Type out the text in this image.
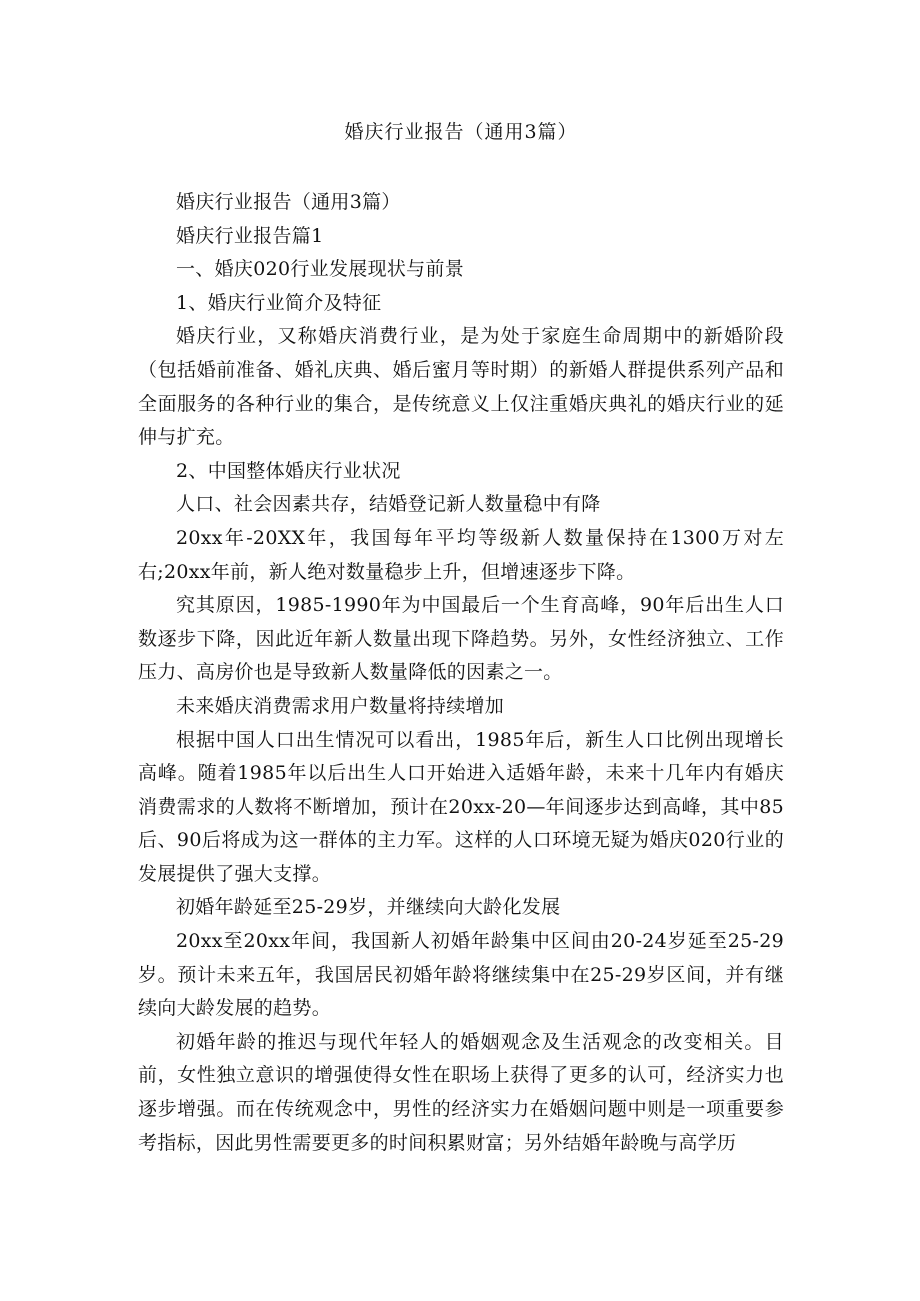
婚庆行业报告（通用3篇）

婚庆行业报告（通用3篇）

婚庆行业报告篇1

一、婚庆020行业发展现状与前景

1、婚庆行业简介及特征

婚庆行业，又称婚庆消费行业，是为处于家庭生命周期中的新婚阶段（包括婚前准备、婚礼庆典、婚后蜜月等时期）的新婚人群提供系列产品和全面服务的各种行业的集合，是传统意义上仅注重婚庆典礼的婚庆行业的延伸与扩充。

2、中国整体婚庆行业状况

人口、社会因素共存，结婚登记新人数量稳中有降

20xx年-20XX年，我国每年平均等级新人数量保持在1300万对左右;20xx年前，新人绝对数量稳步上升，但增速逐步下降。

究其原因，1985-1990年为中国最后一个生育高峰，90年后出生人口数逐步下降，因此近年新人数量出现下降趋势。另外，女性经济独立、工作压力、高房价也是导致新人数量降低的因素之一。

未来婚庆消费需求用户数量将持续增加

根据中国人口出生情况可以看出，1985年后，新生人口比例出现增长高峰。随着1985年以后出生人口开始进入适婚年龄，未来十几年内有婚庆消费需求的人数将不断增加，预计在20xx-20—年间逐步达到高峰，其中85后、90后将成为这一群体的主力军。这样的人口环境无疑为婚庆020行业的发展提供了强大支撑。

初婚年龄延至25-29岁，并继续向大龄化发展

20xx至20xx年间，我国新人初婚年龄集中区间由20-24岁延至25-29岁。预计未来五年，我国居民初婚年龄将继续集中在25-29岁区间，并有继续向大龄发展的趋势。

初婚年龄的推迟与现代年轻人的婚姻观念及生活观念的改变相关。目前，女性独立意识的增强使得女性在职场上获得了更多的认可，经济实力也逐步增强。而在传统观念中，男性的经济实力在婚姻问题中则是一项重要参考指标，因此男性需要更多的时间积累财富；另外结婚年龄晚与高学历
